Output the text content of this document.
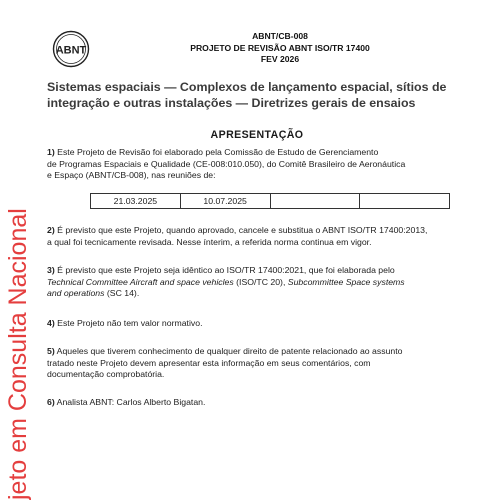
ABNT
ABNT/CB-008
PROJETO DE REVISÃO ABNT ISO/TR 17400
FEV 2026
Sistemas espaciais — Complexos de lançamento espacial, sítios de
integração e outras instalações — Diretrizes gerais de ensaios
APRESENTAÇÃO
1) Este Projeto de Revisão foi elaborado pela Comissão de Estudo de Gerenciamento
de Programas Espaciais e Qualidade (CE-008:010.050), do Comitê Brasileiro de Aeronáutica
e Espaço (ABNT/CB-008), nas reuniões de:
21.03.2025	10.07.2025		
2) É previsto que este Projeto, quando aprovado, cancele e substitua o ABNT ISO/TR 17400:2013,
a qual foi tecnicamente revisada. Nesse ínterim, a referida norma continua em vigor.
3) É previsto que este Projeto seja idêntico ao ISO/TR 17400:2021, que foi elaborada pelo
Technical Committee Aircraft and space vehicles (ISO/TC 20), Subcommittee Space systems
and operations (SC 14).
4) Este Projeto não tem valor normativo.
5) Aqueles que tiverem conhecimento de qualquer direito de patente relacionado ao assunto
tratado neste Projeto devem apresentar esta informação em seus comentários, com
documentação comprobatória.
6) Analista ABNT: Carlos Alberto Bigatan.
jeto em Consulta Nacional
